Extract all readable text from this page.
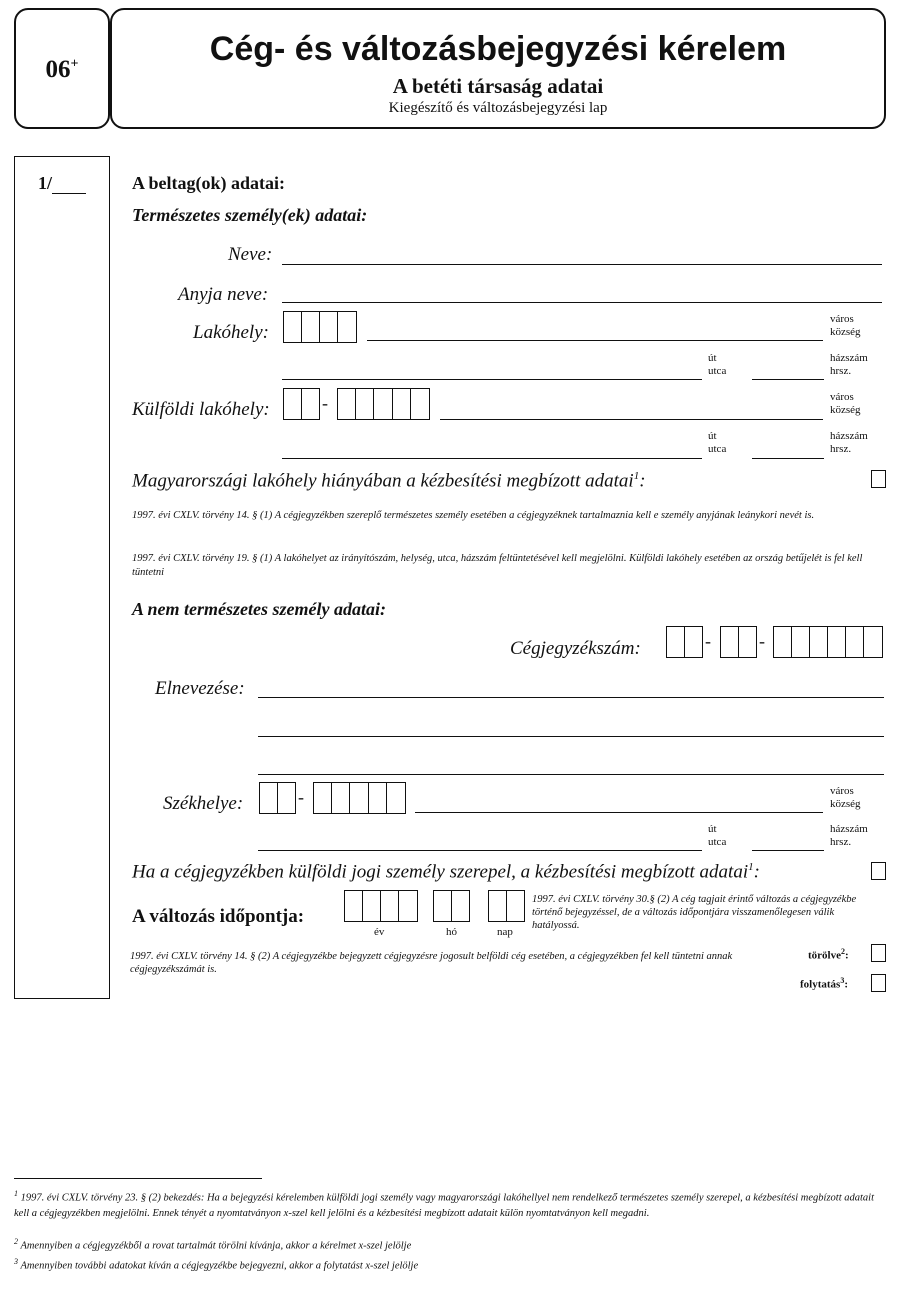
06+	Cég- és változásbejegyzési kérelem
A betéti társaság adatai
Kiegészítő és változásbejegyzési lap
1/	A beltag(ok) adatai:
Természetes személy(ek) adatai:
Neve:
Anyja neve:
Lakóhely:
város
község
út
utca
házszám
hrsz.
Külföldi lakóhely:	-	város
község
út
utca
házszám
hrsz.
Magyarországi lakóhely hiányában a kézbesítési megbízott adatai$^1$:
1997. évi CXLV. törvény 14. § (1) A cégjegyzékben szereplő természetes személy esetében a cégjegyzéknek tartalmaznia kell e személy anyjának leánykori nevét is.
1997. évi CXLV. törvény 19. § (1) A lakóhelyet az irányítószám, helység, utca, házszám feltüntetésével kell megjelölni. Külföldi lakóhely esetében az ország betűjelét is fel kell tüntetni
A nem természetes személy adatai:
Cégjegyzékszám:	-	-
Elnevezése:
Székhelye:	-	város
község
út
utca
házszám
hrsz.
Ha a cégjegyzékben külföldi jogi személy szerepel, a kézbesítési megbízott adatai$^1$:
A változás időpontja:
év	hó	nap
1997. évi CXLV. törvény 30.§ (2) A cég tagjait érintő változás a cégjegyzékbe történő bejegyzéssel, de a változás időpontjára visszamenőlegesen válik hatályossá.
1997. évi CXLV. törvény 14. § (2) A cégjegyzékbe bejegyzett cégjegyzésre jogosult belföldi cég esetében, a cégjegyzékben fel kell tüntetni annak cégjegyzékszámát is.
törölve$^2$:
folytatás$^3$:
$^1$ 1997. évi CXLV. törvény 23. § (2) bekezdés: Ha a bejegyzési kérelemben külföldi jogi személy vagy magyarországi lakóhellyel nem rendelkező természetes személy szerepel, a kézbesítési megbízott adatait kell a cégjegyzékben megjelölni. Ennek tényét a nyomtatványon x-szel kell jelölni és a kézbesítési megbízott adatait külön nyomtatványon kell megadni.
$^2$ Amennyiben a cégjegyzékből a rovat tartalmát törölni kívánja, akkor a kérelmet x-szel jelölje
$^3$ Amennyiben további adatokat kíván a cégjegyzékbe bejegyezni, akkor a folytatást x-szel jelölje
